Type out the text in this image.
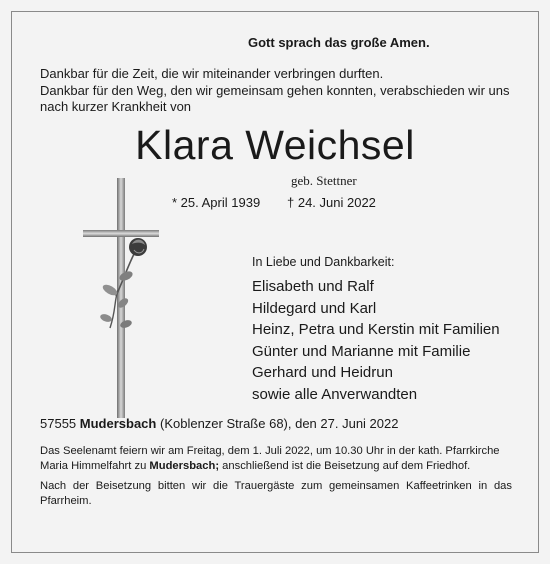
Gott sprach das große Amen.
Dankbar für die Zeit, die wir miteinander verbringen durften.
Dankbar für den Weg, den wir gemeinsam gehen konnten, verabschieden wir uns
nach kurzer Krankheit von
Klara Weichsel
geb. Stettner
* 25. April 1939 † 24. Juni 2022
In Liebe und Dankbarkeit:
Elisabeth und Ralf
Hildegard und Karl
Heinz, Petra und Kerstin mit Familien
Günter und Marianne mit Familie
Gerhard und Heidrun
sowie alle Anverwandten
57555 Mudersbach (Koblenzer Straße 68), den 27. Juni 2022
Das Seelenamt feiern wir am Freitag, dem 1. Juli 2022, um 10.30 Uhr in der kath. Pfarrkirche Maria Himmelfahrt zu Mudersbach; anschließend ist die Beisetzung auf dem Friedhof.
Nach der Beisetzung bitten wir die Trauergäste zum gemeinsamen Kaffeetrinken in das Pfarrheim.
